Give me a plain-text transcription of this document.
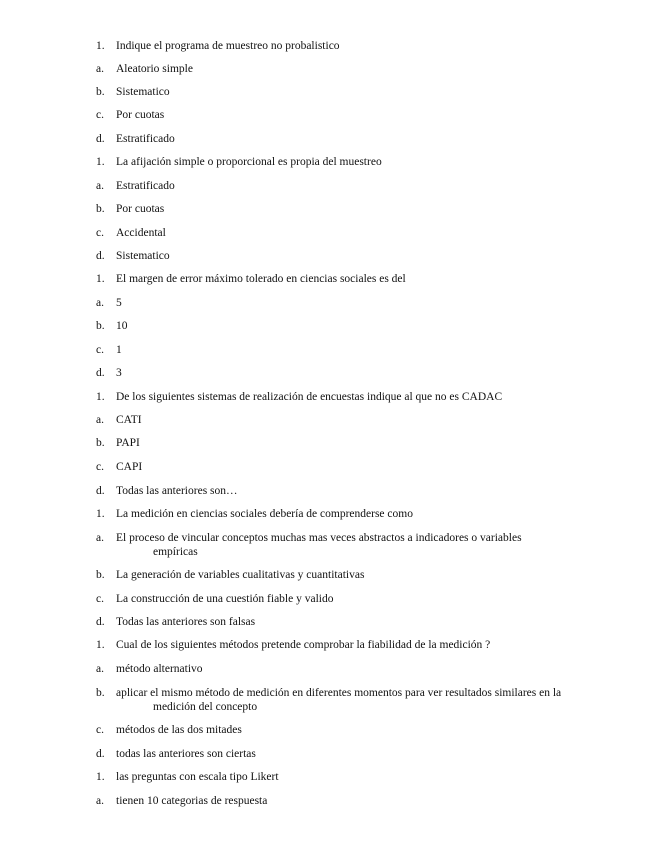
1. Indique el programa de muestreo no probalistico
a. Aleatorio simple
b. Sistematico
c. Por cuotas
d. Estratificado
1. La afijación simple o proporcional es propia del muestreo
a. Estratificado
b. Por cuotas
c. Accidental
d. Sistematico
1. El margen de error máximo tolerado en ciencias sociales es del
a. 5
b. 10
c. 1
d. 3
1. De los siguientes sistemas de realización de encuestas indique al que no es CADAC
a. CATI
b. PAPI
c. CAPI
d. Todas las anteriores son…
1. La medición en ciencias sociales debería de comprenderse como
a. El proceso de vincular conceptos muchas mas veces abstractos a indicadores o variables
empíricas
b. La generación de variables cualitativas y cuantitativas
c. La construcción de una cuestión fiable y valido
d. Todas las anteriores son falsas
1. Cual de los siguientes métodos pretende comprobar la fiabilidad de la medición ?
a.método alternativo
b. aplicar el mismo método de medición en diferentes momentos para ver resultados similares en la
medición del concepto
c.métodos de las dos mitades
d. todas las anteriores son ciertas
1. las preguntas con escala tipo Likert
a. tienen 10 categorias de respuesta
